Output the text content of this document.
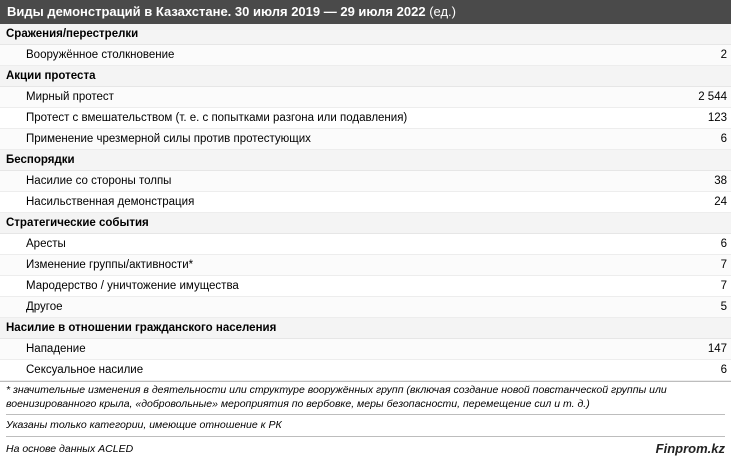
Виды демонстраций в Казахстане. 30 июля 2019 — 29 июля 2022 (ед.)
Сражения/перестрелки
Вооружённое столкновение	2
Акции протеста
Мирный протест	2 544
Протест с вмешательством (т. е. с попытками разгона или подавления)	123
Применение чрезмерной силы против протестующих	6
Беспорядки
Насилие со стороны толпы	38
Насильственная демонстрация	24
Стратегические события
Аресты	6
Изменение группы/активности*	7
Мародерство / уничтожение имущества	7
Другое	5
Насилие в отношении гражданского населения
Нападение	147
Сексуальное насилие	6
* значительные изменения в деятельности или структуре вооружённых групп (включая создание новой повстанческой группы или военизированного крыла, «добровольные» мероприятия по вербовке, меры безопасности, перемещение сил и т. д.)
Указаны только категории, имеющие отношение к РК
На основе данных ACLED	Finprom.kz
